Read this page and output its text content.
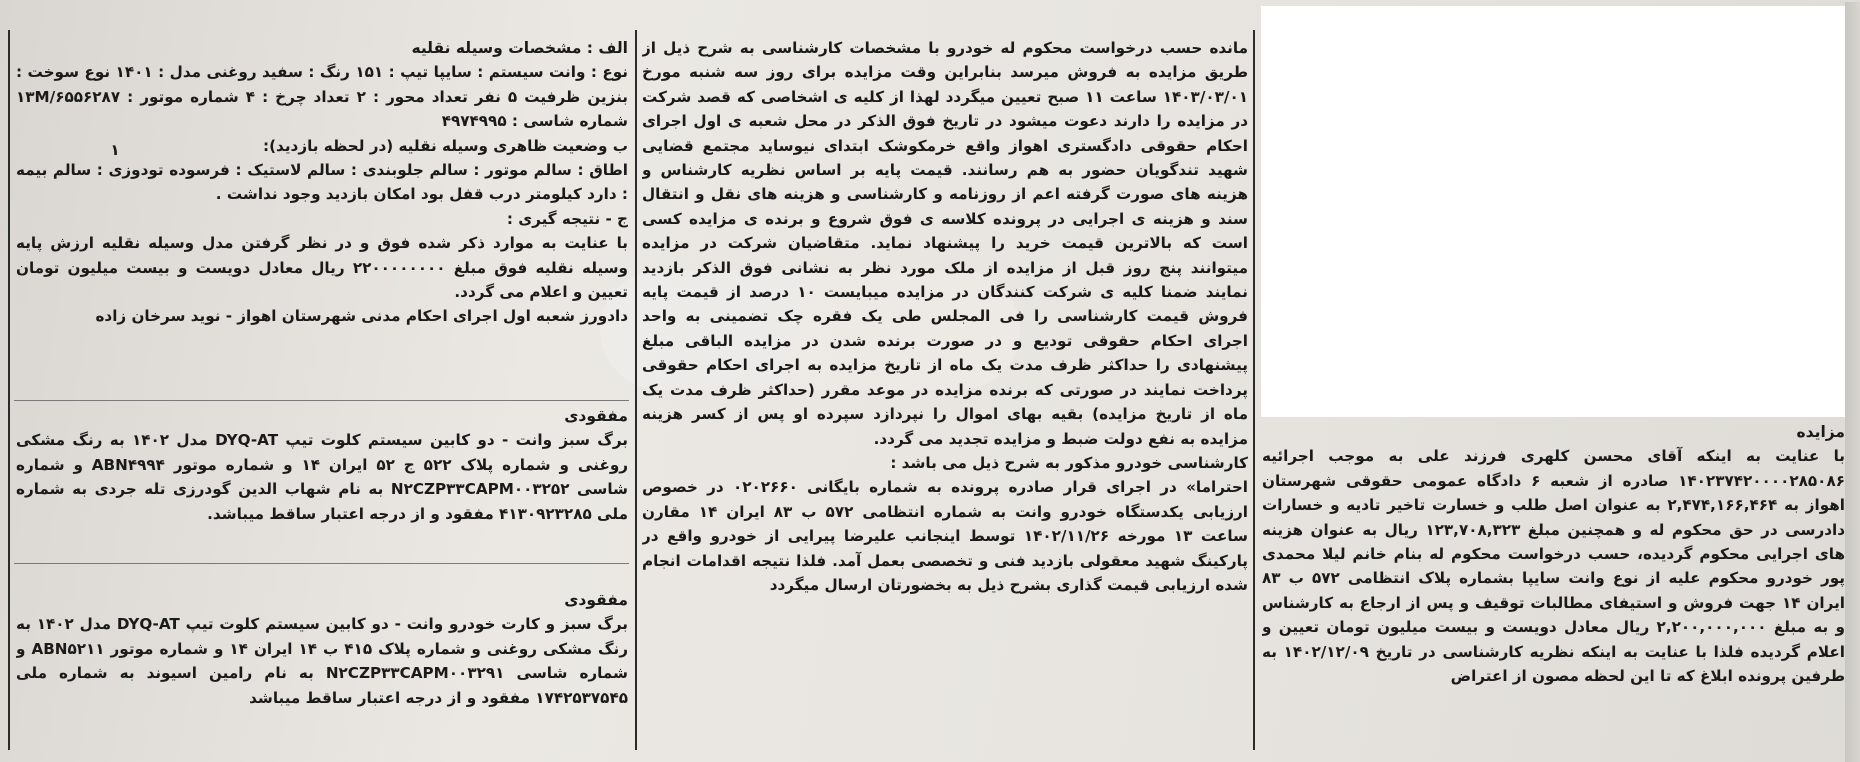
مزایده

با عنایت به اینکه آقای محسن کلهری فرزند علی به موجب اجرائیه ۱۴۰۲۳۷۴۲۰۰۰۰۲۸۵۰۸۶ صادره از شعبه ۶ دادگاه عمومی حقوقی شهرستان اهواز به ۲,۴۷۴,۱۶۶,۴۶۴ به عنوان اصل طلب و خسارت تاخیر تادیه و خسارات دادرسی در حق محکوم له و همچنین مبلغ ۱۲۳,۷۰۸,۳۲۳ ریال به عنوان هزینه های اجرایی محکوم گردیده، حسب درخواست محکوم له بنام خانم لیلا محمدی پور خودرو محکوم علیه از نوع وانت سایپا بشماره پلاک انتظامی ۵۷۲ ب ۸۳ ایران ۱۴ جهت فروش و استیفای مطالبات توقیف و پس از ارجاع به کارشناس و به مبلغ ۲,۲۰۰,۰۰۰,۰۰۰ ریال معادل دویست و بیست میلیون تومان تعیین و اعلام گردیده فلذا با عنایت به اینکه نظریه کارشناسی در تاریخ ۱۴۰۲/۱۲/۰۹ به طرفین پرونده ابلاغ که تا این لحظه مصون از اعتراض

مانده حسب درخواست محکوم له خودرو با مشخصات کارشناسی به شرح ذیل از طریق مزایده به فروش میرسد بنابراین وقت مزایده برای روز سه شنبه مورخ ۱۴۰۳/۰۳/۰۱ ساعت ۱۱ صبح تعیین میگردد لهذا از کلیه ی اشخاصی که قصد شرکت در مزایده را دارند دعوت میشود در تاریخ فوق الذکر در محل شعبه ی اول اجرای احکام حقوقی دادگستری اهواز واقع خرمکوشک ابتدای نیوساید مجتمع قضایی شهید تندگویان حضور به هم رسانند. قیمت پایه بر اساس نظریه کارشناس و هزینه های صورت گرفته اعم از روزنامه و کارشناسی و هزینه های نقل و انتقال سند و هزینه ی اجرایی در پرونده کلاسه ی فوق شروع و برنده ی مزایده کسی است که بالاترین قیمت خرید را پیشنهاد نماید. متقاضیان شرکت در مزایده میتوانند پنج روز قبل از مزایده از ملک مورد نظر به نشانی فوق الذکر بازدید نمایند ضمنا کلیه ی شرکت کنندگان در مزایده میبایست ۱۰ درصد از قیمت پایه فروش قیمت کارشناسی را فی المجلس طی یک فقره چک تضمینی به واحد اجرای احکام حقوقی تودیع و در صورت برنده شدن در مزایده الباقی مبلغ پیشنهادی را حداکثر ظرف مدت یک ماه از تاریخ مزایده به اجرای احکام حقوقی پرداخت نمایند در صورتی که برنده مزایده در موعد مقرر (حداکثر ظرف مدت یک ماه از تاریخ مزایده) بقیه بهای اموال را نپردازد سپرده او پس از کسر هزینه مزایده به نفع دولت ضبط و مزایده تجدید می گردد.

کارشناسی خودرو مذکور به شرح ذیل می باشد :

احتراما» در اجرای قرار صادره پرونده به شماره بایگانی ۰۲۰۲۶۶۰ در خصوص ارزیابی یکدستگاه خودرو وانت به شماره انتظامی ۵۷۲ ب ۸۳ ایران ۱۴ مقارن ساعت ۱۳ مورخه ۱۴۰۲/۱۱/۲۶ توسط اینجانب علیرضا پیرایی از خودرو واقع در پارکینگ شهید معقولی بازدید فنی و تخصصی بعمل آمد. فلذا نتیجه اقدامات انجام شده ارزیابی قیمت گذاری بشرح ذیل به بخضورتان ارسال میگردد

الف : مشخصات وسیله نقلیه

نوع : وانت سیستم : سایپا تیپ : ۱۵۱ رنگ : سفید روغنی مدل : ۱۴۰۱ نوع سوخت : بنزین ظرفیت ۵ نفر تعداد محور : ۲ تعداد چرخ : ۴ شماره موتور : ۱۳M/۶۵۵۶۲۸۷ شماره شاسی : ۴۹۷۴۹۹۵

ب وضعیت ظاهری وسیله نقلیه (در لحظه بازدید):

اطاق : سالم موتور : سالم جلوبندی : سالم لاستیک : فرسوده تودوزی : سالم بیمه : دارد کیلومتر درب قفل بود امکان بازدید وجود نداشت .

ج - نتیجه گیری :

با عنایت به موارد ذکر شده فوق و در نظر گرفتن مدل وسیله نقلیه ارزش پایه وسیله نقلیه فوق مبلغ ۲۲۰۰۰۰۰۰۰۰ ریال معادل دویست و بیست میلیون تومان تعیین و اعلام می گردد.

دادورز شعبه اول اجرای احکام مدنی شهرستان اهواز - نوید سرخان زاده

۱

مفقودی

برگ سبز وانت - دو کابین سیستم کلوت تیپ DYQ-AT مدل ۱۴۰۲ به رنگ مشکی روغنی و شماره پلاک ۵۲۲ ج ۵۲ ایران ۱۴ و شماره موتور ABN۴۹۹۴ و شماره شاسی N۲CZP۳۳CAPM۰۰۳۲۵۲ به نام شهاب الدین گودرزی تله جردی به شماره ملی ۴۱۳۰۹۲۳۲۸۵ مفقود و از درجه اعتبار ساقط میباشد.

مفقودی

برگ سبز و کارت خودرو وانت - دو کابین سیستم کلوت تیپ DYQ-AT مدل ۱۴۰۲ به رنگ مشکی روغنی و شماره پلاک ۴۱۵ ب ۱۴ ایران ۱۴ و شماره موتور ABN۵۲۱۱ و شماره شاسی N۲CZP۳۳CAPM۰۰۳۲۹۱ به نام رامین اسیوند به شماره ملی ۱۷۴۲۵۳۷۵۴۵ مفقود و از درجه اعتبار ساقط میباشد
